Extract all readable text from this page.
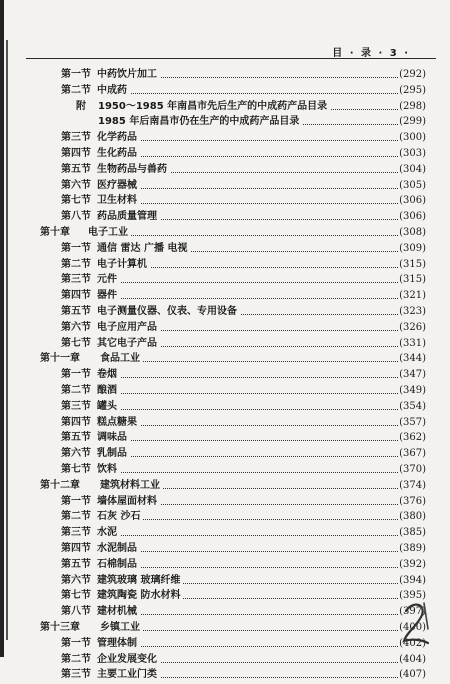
目 · 录 · 3 ·
第一节 中药饮片加工	(292)
第二节 中成药	(295)
附 1950～1985 年南昌市先后生产的中成药产品目录	(298)
1985 年后南昌市仍在生产的中成药产品目录	(299)
第三节 化学药品	(300)
第四节 生化药品	(303)
第五节 生物药品与兽药	(304)
第六节 医疗器械	(305)
第七节 卫生材料	(306)
第八节 药品质量管理	(306)
第十章 电子工业	(308)
第一节 通信 雷达 广播 电视	(309)
第二节 电子计算机	(315)
第三节 元件	(315)
第四节 器件	(321)
第五节 电子测量仪器、仪表、专用设备	(323)
第六节 电子应用产品	(326)
第七节 其它电子产品	(331)
第十一章 食品工业	(344)
第一节 卷烟	(347)
第二节 酿酒	(349)
第三节 罐头	(354)
第四节 糕点糖果	(357)
第五节 调味品	(362)
第六节 乳制品	(367)
第七节 饮料	(370)
第十二章 建筑材料工业	(374)
第一节 墙体屋面材料	(376)
第二节 石灰 沙石	(380)
第三节 水泥	(385)
第四节 水泥制品	(389)
第五节 石棉制品	(392)
第六节 建筑玻璃 玻璃纤维	(394)
第七节 建筑陶瓷 防水材料	(395)
第八节 建材机械	(397)
第十三章 乡镇工业	(400)
第一节 管理体制	(402)
第二节 企业发展变化	(404)
第三节 主要工业门类	(407)
